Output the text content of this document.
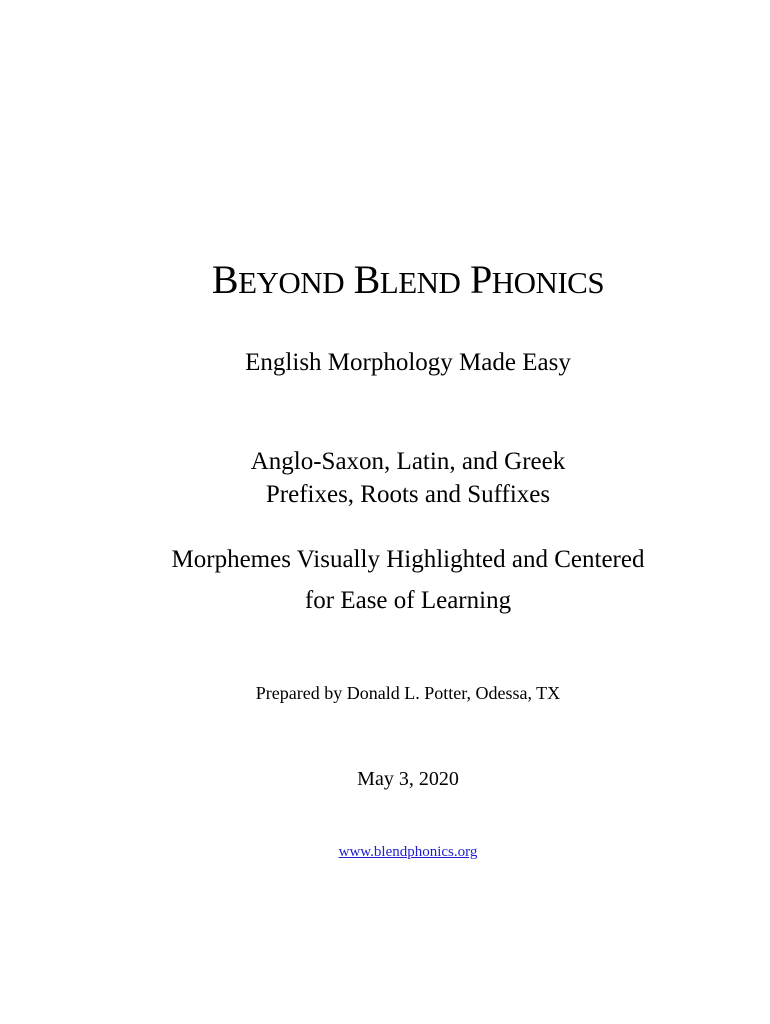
BEYOND BLEND PHONICS
English Morphology Made Easy
Anglo-Saxon, Latin, and Greek
Prefixes, Roots and Suffixes
Morphemes Visually Highlighted and Centered
for Ease of Learning
Prepared by Donald L. Potter, Odessa, TX
May 3, 2020
www.blendphonics.org
